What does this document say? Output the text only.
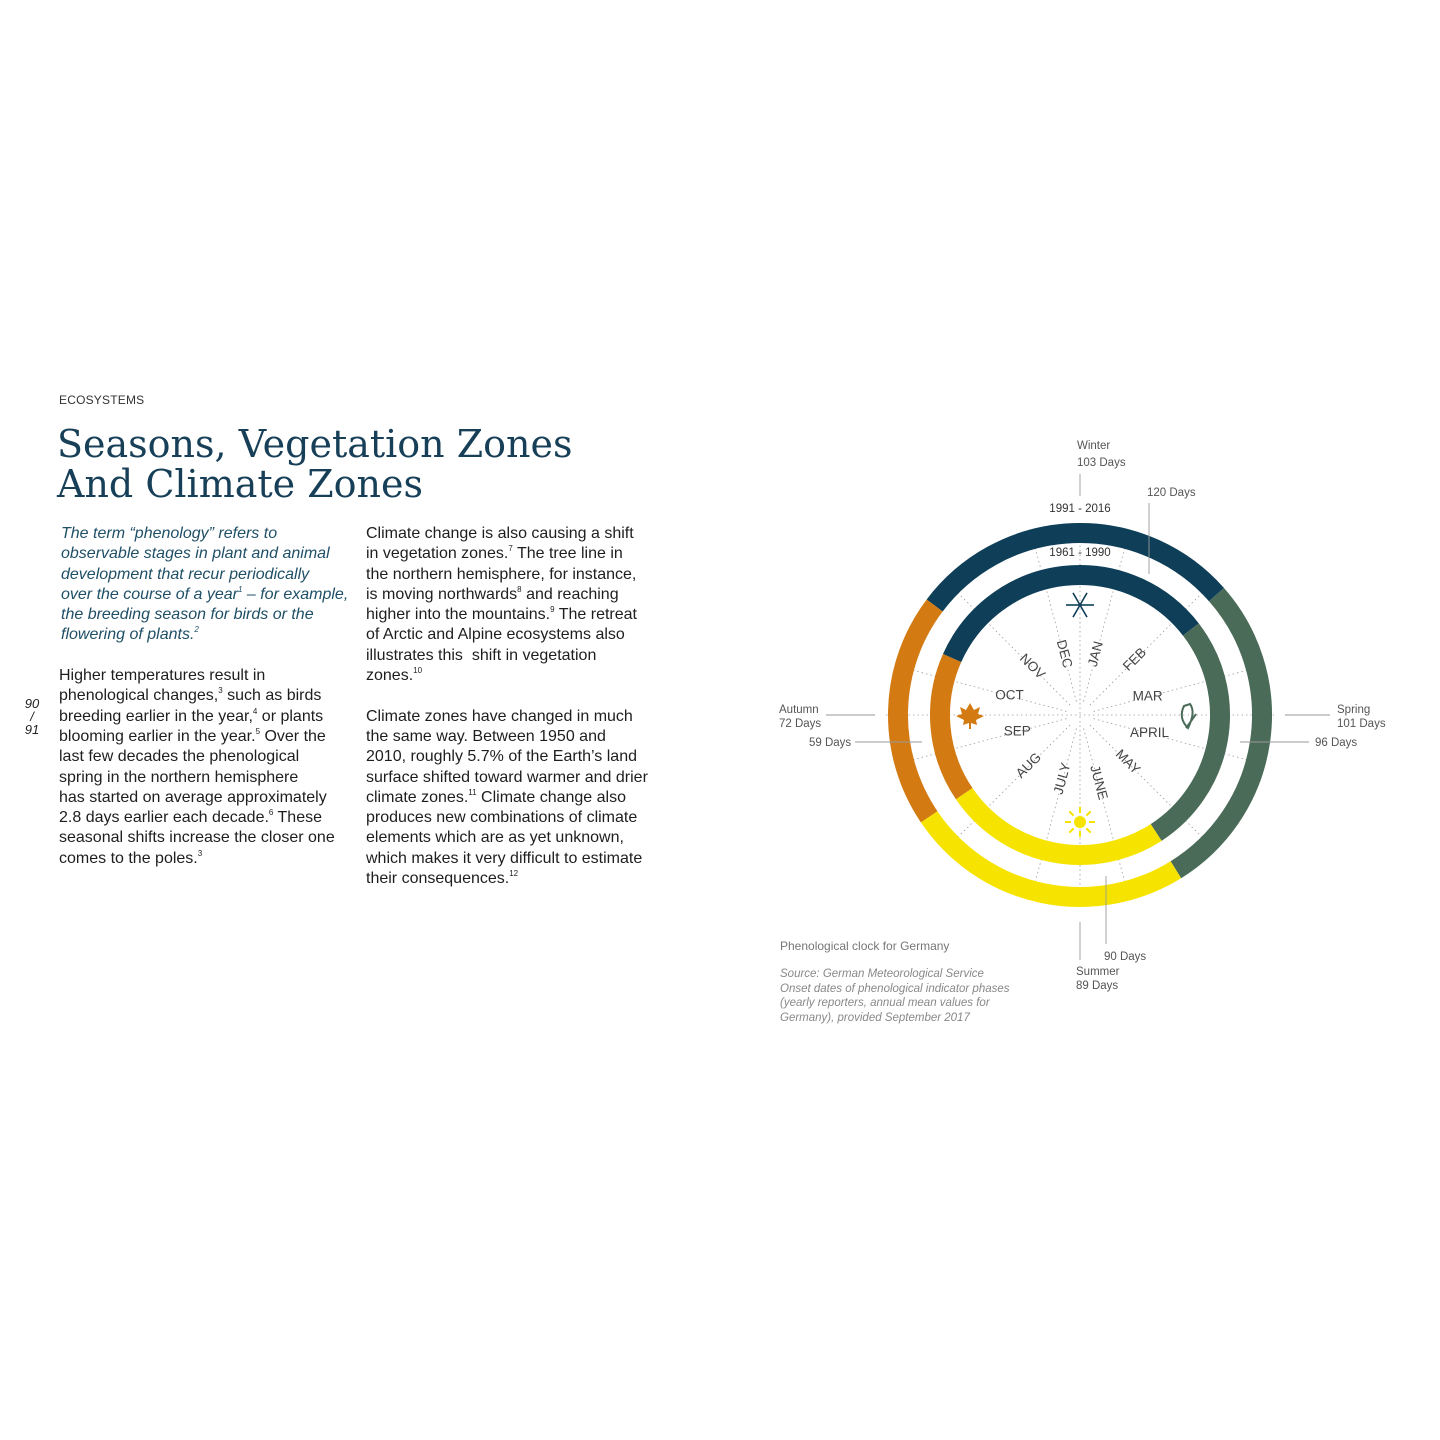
ECOSYSTEMS
Seasons, Vegetation Zones
And Climate Zones
90
/
91

The term “phenology” refers to
observable stages in plant and animal
development that recur periodically
over the course of a year$^1$ – for example,
the breeding season for birds or the
flowering of plants.$^2$

Higher temperatures result in
phenological changes,$^3$ such as birds
breeding earlier in the year,$^4$ or plants
blooming earlier in the year.$^5$ Over the
last few decades the phenological
spring in the northern hemisphere
has started on average approximately
2.8 days earlier each decade.$^6$ These
seasonal shifts increase the closer one
comes to the poles.$^3$

Climate change is also causing a shift
in vegetation zones.$^7$ The tree line in
the northern hemisphere, for instance,
is moving northwards$^8$ and reaching
higher into the mountains.$^9$ The retreat
of Arctic and Alpine ecosystems also
illustrates this  shift in vegetation
zones.$^{10}$

Climate zones have changed in much
the same way. Between 1950 and
2010, roughly 5.7% of the Earth’s land
surface shifted toward warmer and drier
climate zones.$^{11}$ Climate change also
produces new combinations of climate
elements which are as yet unknown,
which makes it very difficult to estimate
their consequences.$^{12}$

JAN FEB
MAR
APRIL
MAY
JUNE
JULY
AUG
SEP
OCT
NOV DEC
1991 - 2016
1961 - 1990
Winter
103 Days
120 Days
Spring
101 Days
96 Days
Summer
89 Days
90 Days
Autumn
72 Days
59 Days
Phenological clock for Germany
Source: German Meteorological Service
Onset dates of phenological indicator phases
(yearly reporters, annual mean values for
Germany), provided September 2017
